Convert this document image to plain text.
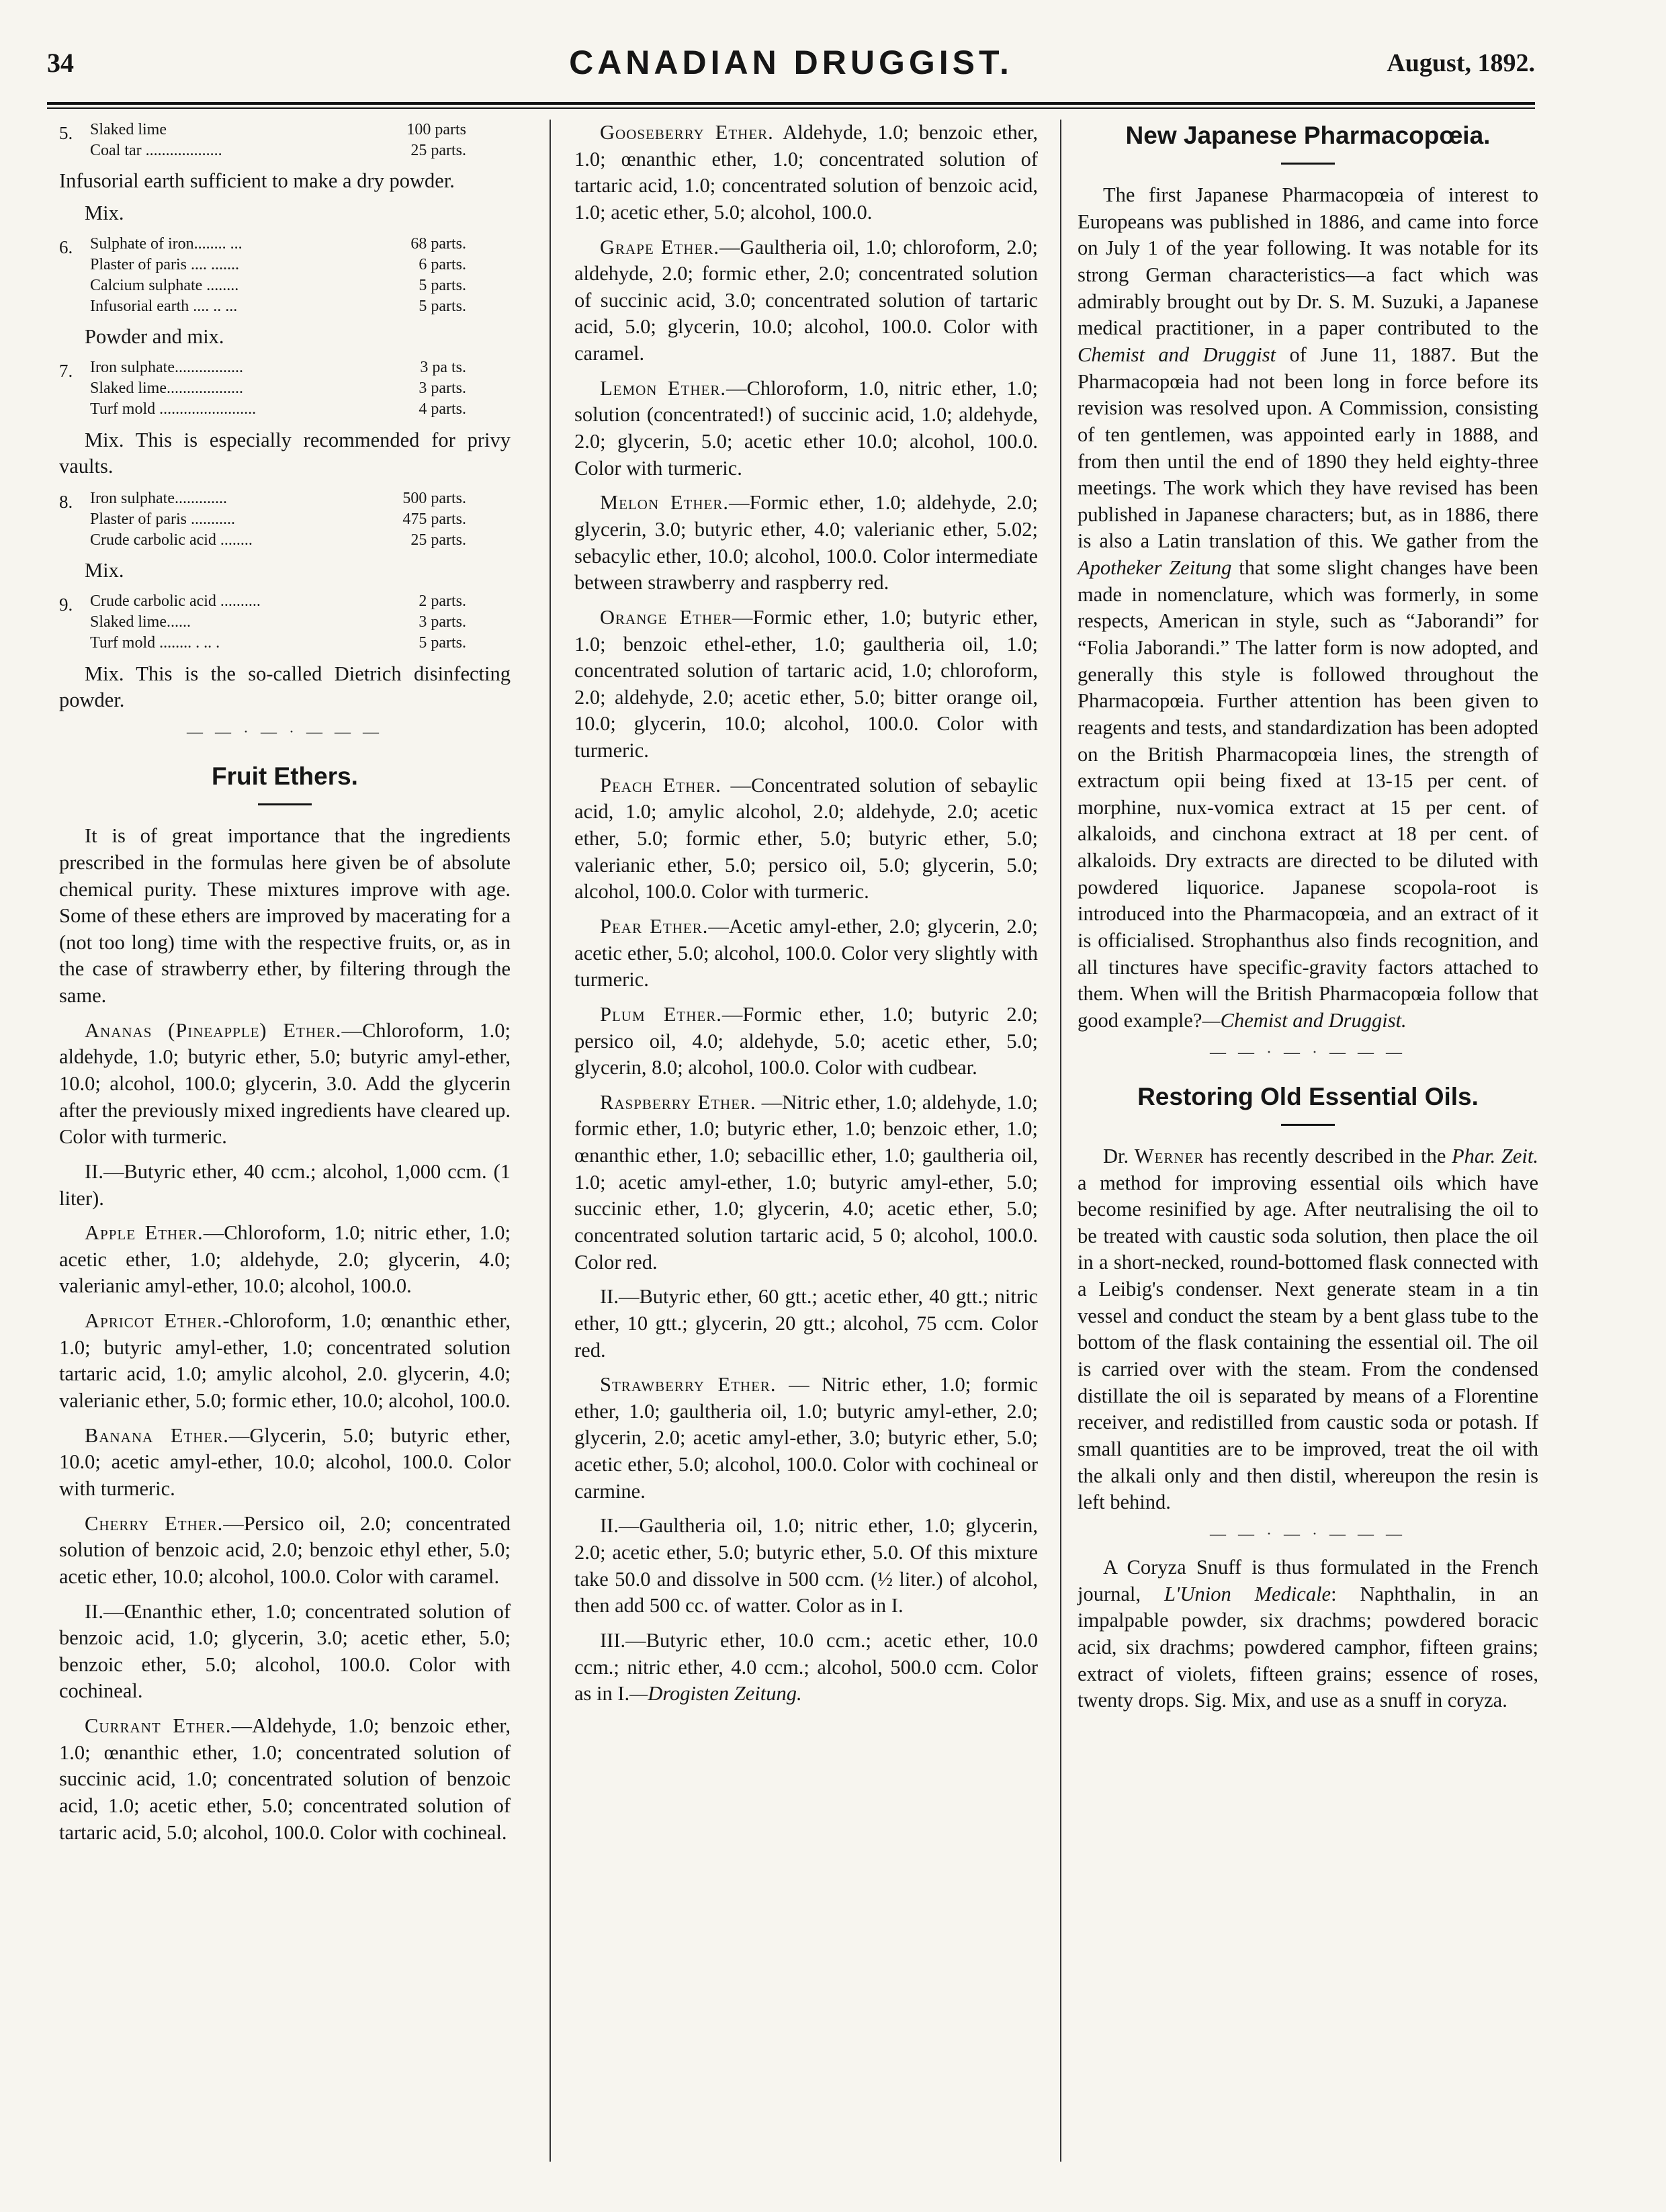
34	CANADIAN DRUGGIST.	August, 1892.
5. Slaked lime	100 parts
Coal tar ...................	25 parts.
Infusorial earth sufficient to make a dry powder.
Mix.
6. Sulphate of iron........ ...	68 parts.
Plaster of paris .... .......	6 parts.
Calcium sulphate ........	5 parts.
Infusorial earth .... .. ...	5 parts.
Powder and mix.
7. Iron sulphate.................	3 pa ts.
Slaked lime...................	3 parts.
Turf mold ........................	4 parts.

Mix. This is especially recommended for privy vaults.

8. Iron sulphate.............	500 parts.
Plaster of paris ...........	475 parts.
Crude carbolic acid ........	25 parts.
Mix.
9. Crude carbolic acid ..........	2 parts.
Slaked lime......	3 parts.
Turf mold ........ . .. .	5 parts.

Mix. This is the so-called Dietrich disinfecting powder.

— — · — · — — —
Fruit Ethers.

It is of great importance that the ingredients prescribed in the formulas here given be of absolute chemical purity. These mixtures improve with age. Some of these ethers are improved by macerating for a (not too long) time with the respective fruits, or, as in the case of strawberry ether, by filtering through the same.

Ananas (Pineapple) Ether.—Chloroform, 1.0; aldehyde, 1.0; butyric ether, 5.0; butyric amyl-ether, 10.0; alcohol, 100.0; glycerin, 3.0. Add the glycerin after the previously mixed ingredients have cleared up. Color with turmeric.

II.—Butyric ether, 40 ccm.; alcohol, 1,000 ccm. (1 liter).

Apple Ether.—Chloroform, 1.0; nitric ether, 1.0; acetic ether, 1.0; aldehyde, 2.0; glycerin, 4.0; valerianic amyl-ether, 10.0; alcohol, 100.0.

Apricot Ether.-Chloroform, 1.0; œnanthic ether, 1.0; butyric amyl-ether, 1.0; concentrated solution tartaric acid, 1.0; amylic alcohol, 2.0. glycerin, 4.0; valerianic ether, 5.0; formic ether, 10.0; alcohol, 100.0.

Banana Ether.—Glycerin, 5.0; butyric ether, 10.0; acetic amyl-ether, 10.0; alcohol, 100.0. Color with turmeric.

Cherry Ether.—Persico oil, 2.0; concentrated solution of benzoic acid, 2.0; benzoic ethyl ether, 5.0; acetic ether, 10.0; alcohol, 100.0. Color with caramel.

II.—Œnanthic ether, 1.0; concentrated solution of benzoic acid, 1.0; glycerin, 3.0; acetic ether, 5.0; benzoic ether, 5.0; alcohol, 100.0. Color with cochineal.

Currant Ether.—Aldehyde, 1.0; benzoic ether, 1.0; œnanthic ether, 1.0; concentrated solution of succinic acid, 1.0; concentrated solution of benzoic acid, 1.0; acetic ether, 5.0; concentrated solution of tartaric acid, 5.0; alcohol, 100.0. Color with cochineal.

Gooseberry Ether. Aldehyde, 1.0; benzoic ether, 1.0; œnanthic ether, 1.0; concentrated solution of tartaric acid, 1.0; concentrated solution of benzoic acid, 1.0; acetic ether, 5.0; alcohol, 100.0.

Grape Ether.—Gaultheria oil, 1.0; chloroform, 2.0; aldehyde, 2.0; formic ether, 2.0; concentrated solution of succinic acid, 3.0; concentrated solution of tartaric acid, 5.0; glycerin, 10.0; alcohol, 100.0. Color with caramel.

Lemon Ether.—Chloroform, 1.0, nitric ether, 1.0; solution (concentrated!) of succinic acid, 1.0; aldehyde, 2.0; glycerin, 5.0; acetic ether 10.0; alcohol, 100.0. Color with turmeric.

Melon Ether.—Formic ether, 1.0; aldehyde, 2.0; glycerin, 3.0; butyric ether, 4.0; valerianic ether, 5.02; sebacylic ether, 10.0; alcohol, 100.0. Color intermediate between strawberry and raspberry red.

Orange Ether—Formic ether, 1.0; butyric ether, 1.0; benzoic ethel-ether, 1.0; gaultheria oil, 1.0; concentrated solution of tartaric acid, 1.0; chloroform, 2.0; aldehyde, 2.0; acetic ether, 5.0; bitter orange oil, 10.0; glycerin, 10.0; alcohol, 100.0. Color with turmeric.

Peach Ether. —Concentrated solution of sebaylic acid, 1.0; amylic alcohol, 2.0; aldehyde, 2.0; acetic ether, 5.0; formic ether, 5.0; butyric ether, 5.0; valerianic ether, 5.0; persico oil, 5.0; glycerin, 5.0; alcohol, 100.0. Color with turmeric.

Pear Ether.—Acetic amyl-ether, 2.0; glycerin, 2.0; acetic ether, 5.0; alcohol, 100.0. Color very slightly with turmeric.

Plum Ether.—Formic ether, 1.0; butyric 2.0; persico oil, 4.0; aldehyde, 5.0; acetic ether, 5.0; glycerin, 8.0; alcohol, 100.0. Color with cudbear.

Raspberry Ether. —Nitric ether, 1.0; aldehyde, 1.0; formic ether, 1.0; butyric ether, 1.0; benzoic ether, 1.0; œnanthic ether, 1.0; sebacillic ether, 1.0; gaultheria oil, 1.0; acetic amyl-ether, 1.0; butyric amyl-ether, 5.0; succinic ether, 1.0; glycerin, 4.0; acetic ether, 5.0; concentrated solution tartaric acid, 5 0; alcohol, 100.0. Color red.

II.—Butyric ether, 60 gtt.; acetic ether, 40 gtt.; nitric ether, 10 gtt.; glycerin, 20 gtt.; alcohol, 75 ccm. Color red.

Strawberry Ether. — Nitric ether, 1.0; formic ether, 1.0; gaultheria oil, 1.0; butyric amyl-ether, 2.0; glycerin, 2.0; acetic amyl-ether, 3.0; butyric ether, 5.0; acetic ether, 5.0; alcohol, 100.0. Color with cochineal or carmine.

II.—Gaultheria oil, 1.0; nitric ether, 1.0; glycerin, 2.0; acetic ether, 5.0; butyric ether, 5.0. Of this mixture take 50.0 and dissolve in 500 ccm. (½ liter.) of alcohol, then add 500 cc. of watter. Color as in I.

III.—Butyric ether, 10.0 ccm.; acetic ether, 10.0 ccm.; nitric ether, 4.0 ccm.; alcohol, 500.0 ccm. Color as in I.—Drogisten Zeitung.

New Japanese Pharmacopœia.

The first Japanese Pharmacopœia of interest to Europeans was published in 1886, and came into force on July 1 of the year following. It was notable for its strong German characteristics—a fact which was admirably brought out by Dr. S. M. Suzuki, a Japanese medical practitioner, in a paper contributed to the Chemist and Druggist of June 11, 1887. But the Pharmacopœia had not been long in force before its revision was resolved upon. A Commission, consisting of ten gentlemen, was appointed early in 1888, and from then until the end of 1890 they held eighty-three meetings. The work which they have revised has been published in Japanese characters; but, as in 1886, there is also a Latin translation of this. We gather from the Apotheker Zeitung that some slight changes have been made in nomenclature, which was formerly, in some respects, American in style, such as “Jaborandi” for “Folia Jaborandi.” The latter form is now adopted, and generally this style is followed throughout the Pharmacopœia. Further attention has been given to reagents and tests, and standardization has been adopted on the British Pharmacopœia lines, the strength of extractum opii being fixed at 13-15 per cent. of morphine, nux-vomica extract at 15 per cent. of alkaloids, and cinchona extract at 18 per cent. of alkaloids. Dry extracts are directed to be diluted with powdered liquorice. Japanese scopola-root is introduced into the Pharmacopœia, and an extract of it is officialised. Strophanthus also finds recognition, and all tinctures have specific-gravity factors attached to them. When will the British Pharmacopœia follow that good example?—Chemist and Druggist.

— — · — · — — —
Restoring Old Essential Oils.

Dr. Werner has recently described in the Phar. Zeit. a method for improving essential oils which have become resinified by age. After neutralising the oil to be treated with caustic soda solution, then place the oil in a short-necked, round-bottomed flask connected with a Leibig's condenser. Next generate steam in a tin vessel and conduct the steam by a bent glass tube to the bottom of the flask containing the essential oil. The oil is carried over with the steam. From the condensed distillate the oil is separated by means of a Florentine receiver, and redistilled from caustic soda or potash. If small quantities are to be improved, treat the oil with the alkali only and then distil, whereupon the resin is left behind.

— — · — · — — —

A Coryza Snuff is thus formulated in the French journal, L'Union Medicale: Naphthalin, in an impalpable powder, six drachms; powdered boracic acid, six drachms; powdered camphor, fifteen grains; extract of violets, fifteen grains; essence of roses, twenty drops. Sig. Mix, and use as a snuff in coryza.
